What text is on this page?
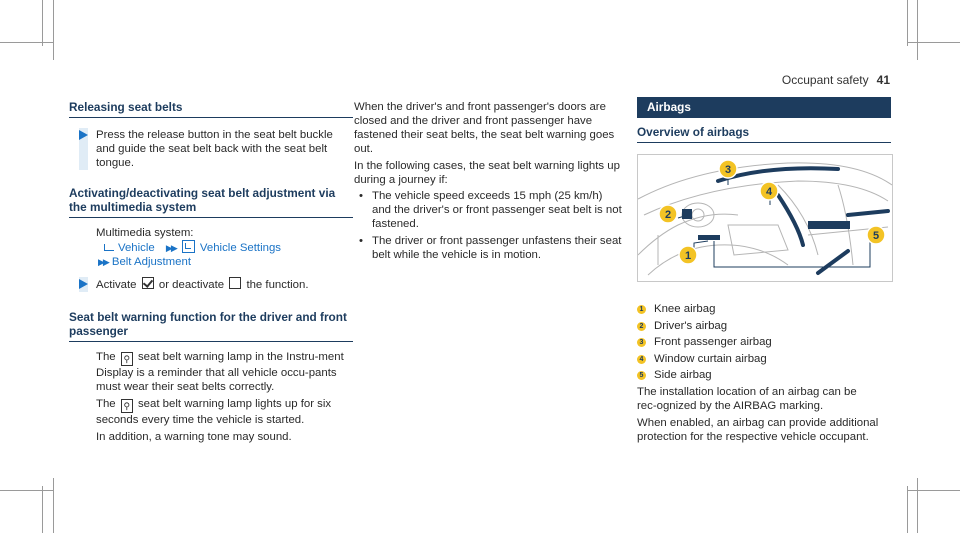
Occupant safety 41
Releasing seat belts

Press the release button in the seat belt buckle and guide the seat belt back with the seat belt tongue.

Activating/deactivating seat belt adjustment via the multimedia system

Multimedia system:

Vehicle ▶▶ Vehicle Settings

▶▶ Belt Adjustment

Activate or deactivate the function.

Seat belt warning function for the driver and front passenger

The ⚲ seat belt warning lamp in the Instru‑ment Display is a reminder that all vehicle occu‑pants must wear their seat belts correctly.

The ⚲ seat belt warning lamp lights up for six seconds every time the vehicle is started.

In addition, a warning tone may sound.

When the driver's and front passenger's doors are closed and the driver and front passenger have fastened their seat belts, the seat belt warning goes out.

In the following cases, the seat belt warning lights up during a journey if:

• The vehicle speed exceeds 15 mph (25 km/h) and the driver's or front passenger seat belt is not fastened.
• The driver or front passenger unfastens their seat belt while the vehicle is in motion.
Airbags
Overview of airbags
3
4
2
1
5

1 Knee airbag

2 Driver's airbag

3 Front passenger airbag

4 Window curtain airbag

5 Side airbag

The installation location of an airbag can be rec‑ognized by the AIRBAG marking.

When enabled, an airbag can provide additional protection for the respective vehicle occupant.
